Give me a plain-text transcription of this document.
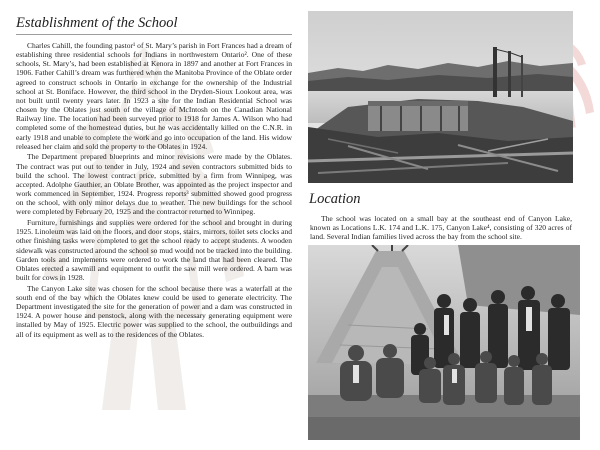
Establishment of the School

Charles Cahill, the founding pastor¹ of St. Mary’s parish in Fort Frances had a dream of establishing three residential schools for Indians in northwestern Ontario². One of these schools, St. Mary’s, had been established at Kenora in 1897 and another at Fort Frances in 1906. Father Cahill’s dream was furthered when the Manitoba Province of the Oblate order agreed to construct schools in Ontario in exchange for the ownership of the Industrial school at St. Boniface. However, the third school in the Dryden-Sioux Lookout area, was not built until twenty years later. In 1923 a site for the Indian Residential School was chosen by the Oblates just south of the village of McIntosh on the Canadian National Railway line. The location had been surveyed prior to 1918 for James A. Wilson who had completed some of the homestead duties, but he was accidentally killed on the C.N.R. in early 1918 and unable to complete the work and go into occupation of the land. His widow released her claim and sold the property to the Oblates in 1924.

The Department prepared blueprints and minor revisions were made by the Oblates. The contract was put out to tender in July, 1924 and seven contractors submitted bids to build the school. The lowest contract price, submitted by a firm from Winnipeg, was accepted. Adolphe Gauthier, an Oblate Brother, was appointed as the project inspector and work commenced in September, 1924. Progress reports³ submitted showed good progress on the school, with only minor delays due to weather. The new buildings for the school were completed by February 20, 1925 and the contractor returned to Winnipeg.

Furniture, furnishings and supplies were ordered for the school and brought in during 1925. Linoleum was laid on the floors, and door stops, stairs, mirrors, toilet sets clocks and other finishing tasks were completed to get the school ready to accept students. A wooden sidewalk was constructed around the school so mud would not be tracked into the building. Garden tools and implements were ordered to work the land that had been cleared. The Oblates erected a sawmill and equipment to outfit the saw mill were ordered. A barn was built for cows in 1928.

The Canyon Lake site was chosen for the school because there was a waterfall at the south end of the bay which the Oblates knew could be used to generate electricity. The Department investigated the site for the generation of power and a dam was constructed in 1924. A power house and penstock, along with the necessary generating equipment were installed by May of 1925. Electric power was supplied to the school, the outbuildings and all of its equipment as well as to the residences of the Oblates.

Location
The school was located on a small bay at the southeast end of Canyon Lake, known as Locations L.K. 174 and L.K. 175, Canyon Lake⁴, consisting of 320 acres of land. Several Indian families lived across the bay from the school site.
